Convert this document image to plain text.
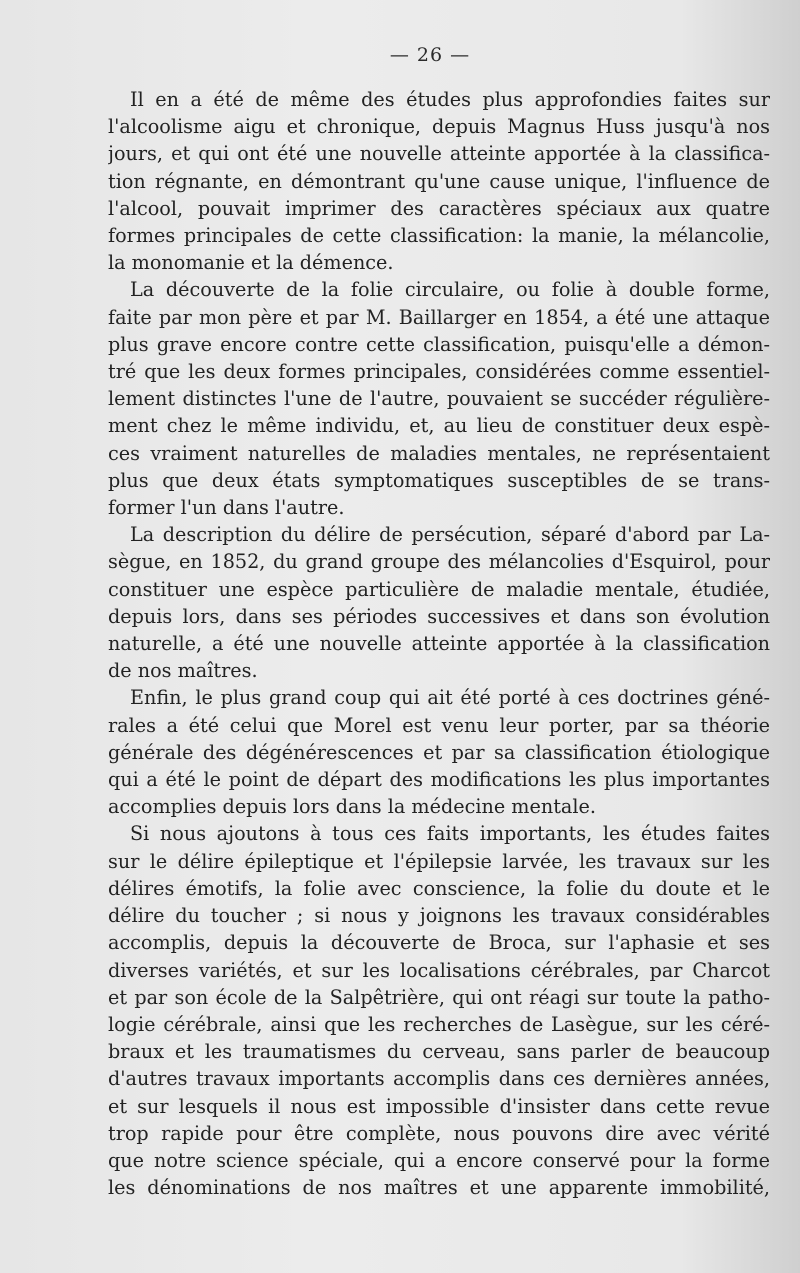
— 26 —
Il en a été de même des études plus approfondies faites sur
l'alcoolisme aigu et chronique, depuis Magnus Huss jusqu'à nos
jours, et qui ont été une nouvelle atteinte apportée à la classifica-
tion régnante, en démontrant qu'une cause unique, l'influence de
l'alcool, pouvait imprimer des caractères spéciaux aux quatre
formes principales de cette classification: la manie, la mélancolie,
la monomanie et la démence.
La découverte de la folie circulaire, ou folie à double forme,
faite par mon père et par M. Baillarger en 1854, a été une attaque
plus grave encore contre cette classification, puisqu'elle a démon-
tré que les deux formes principales, considérées comme essentiel-
lement distinctes l'une de l'autre, pouvaient se succéder régulière-
ment chez le même individu, et, au lieu de constituer deux espè-
ces vraiment naturelles de maladies mentales, ne représentaient
plus que deux états symptomatiques susceptibles de se trans-
former l'un dans l'autre.
La description du délire de persécution, séparé d'abord par La-
sègue, en 1852, du grand groupe des mélancolies d'Esquirol, pour
constituer une espèce particulière de maladie mentale, étudiée,
depuis lors, dans ses périodes successives et dans son évolution
naturelle, a été une nouvelle atteinte apportée à la classification
de nos maîtres.
Enfin, le plus grand coup qui ait été porté à ces doctrines géné-
rales a été celui que Morel est venu leur porter, par sa théorie
générale des dégénérescences et par sa classification étiologique
qui a été le point de départ des modifications les plus importantes
accomplies depuis lors dans la médecine mentale.
Si nous ajoutons à tous ces faits importants, les études faites
sur le délire épileptique et l'épilepsie larvée, les travaux sur les
délires émotifs, la folie avec conscience, la folie du doute et le
délire du toucher ; si nous y joignons les travaux considérables
accomplis, depuis la découverte de Broca, sur l'aphasie et ses
diverses variétés, et sur les localisations cérébrales, par Charcot
et par son école de la Salpêtrière, qui ont réagi sur toute la patho-
logie cérébrale, ainsi que les recherches de Lasègue, sur les céré-
braux et les traumatismes du cerveau, sans parler de beaucoup
d'autres travaux importants accomplis dans ces dernières années,
et sur lesquels il nous est impossible d'insister dans cette revue
trop rapide pour être complète, nous pouvons dire avec vérité
que notre science spéciale, qui a encore conservé pour la forme
les dénominations de nos maîtres et une apparente immobilité,
